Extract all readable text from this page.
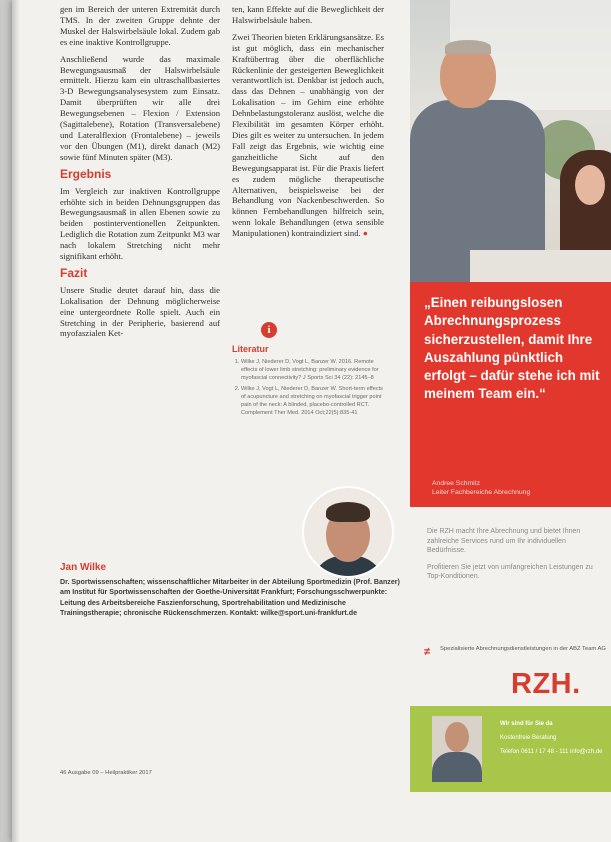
gen im Bereich der unteren Extremität durch TMS. In der zweiten Gruppe dehnte der Muskel der Halswirbelsäule lokal. Zudem gab es eine inaktive Kontrollgruppe.

Anschließend wurde das maximale Bewegungsausmaß der Halswirbelsäule ermittelt. Hierzu kam ein ultraschallbasiertes 3-D Bewegungsanalysesystem zum Einsatz. Damit überprüften wir alle drei Bewegungsebenen – Flexion / Extension (Sagittalebene), Rotation (Transversalebene) und Lateralflexion (Frontalebene) – jeweils vor den Übungen (M1), direkt danach (M2) sowie fünf Minuten später (M3).

Ergebnis

Im Vergleich zur inaktiven Kontrollgruppe erhöhte sich in beiden Dehnungsgruppen das Bewegungsausmaß in allen Ebenen sowie zu beiden postinterventionellen Zeitpunkten. Lediglich die Rotation zum Zeitpunkt M3 war nach lokalem Stretching nicht mehr signifikant erhöht.

Fazit

Unsere Studie deutet darauf hin, dass die Lokalisation der Dehnung möglicherweise eine untergeordnete Rolle spielt. Auch ein Stretching in der Peripherie, basierend auf myofaszialen Ket-

ten, kann Effekte auf die Beweglichkeit der Halswirbelsäule haben.

Zwei Theorien bieten Erklärungsansätze. Es ist gut möglich, dass ein mechanischer Kraftübertrag über die oberflächliche Rückenlinie der gesteigerten Beweglichkeit verantwortlich ist. Denkbar ist jedoch auch, dass das Dehnen – unabhängig von der Lokalisation – im Gehirn eine erhöhte Dehnbelastungstoleranz auslöst, welche die Flexibilität im gesamten Körper erhöht. Dies gilt es weiter zu untersuchen. In jedem Fall zeigt das Ergebnis, wie wichtig eine ganzheitliche Sicht auf den Bewegungsapparat ist. Für die Praxis liefert es zudem mögliche therapeutische Alternativen, beispielsweise bei der Behandlung von Nackenbeschwerden. So können Fernbehandlungen hilfreich sein, wenn lokale Behandlungen (etwa sensible Manipulationen) kontraindiziert sind. ●

i
Literatur
1. Wilke J, Niederer D, Vogt L, Banzer W. 2016. Remote effects of lower limb stretching: preliminary evidence for myofascial connectivity? J Sports Sci 34 (22): 2145–8
2. Wilke J, Vogt L, Niederer D, Banzer W. Short-term effects of acupuncture and stretching on myofascial trigger point pain of the neck: A blinded, placebo-controlled RCT. Complement Ther Med. 2014 Oct;22(5):835-41
„Einen reibungslosen Abrechnungsprozess sicherzustellen, damit Ihre Auszahlung pünktlich erfolgt – dafür stehe ich mit meinem Team ein.“
Andree Schmitz
Leiter Fachbereiche Abrechnung

Die RZH macht Ihre Abrechnung und bietet Ihnen zahlreiche Services rund um Ihr individuellen Bedürfnisse.

Profitieren Sie jetzt von umfangreichen Leistungen zu Top-Konditionen.

Jan Wilke

Dr. Sportwissenschaften; wissenschaftlicher Mitarbeiter in der Abteilung Sportmedizin (Prof. Banzer) am Institut für Sportwissenschaften der Goethe-Universität Frankfurt; Forschungsschwerpunkte: Leitung des Arbeitsbereiche Faszienforschung, Sportrehabilitation und Medizinische Trainingstherapie; chronische Rückenschmerzen. Kontakt: wilke@sport.uni-frankfurt.de

≠ Spezialisierte Abrechnungsdienstleistungen in der ABZ Team AG
RZH.

Wir sind für Sie da

Kostenfreie Beratung

Telefon 0611 / 17 48 - 111 info@rzh.de

46 Ausgabe 09 – Heilpraktiker 2017
